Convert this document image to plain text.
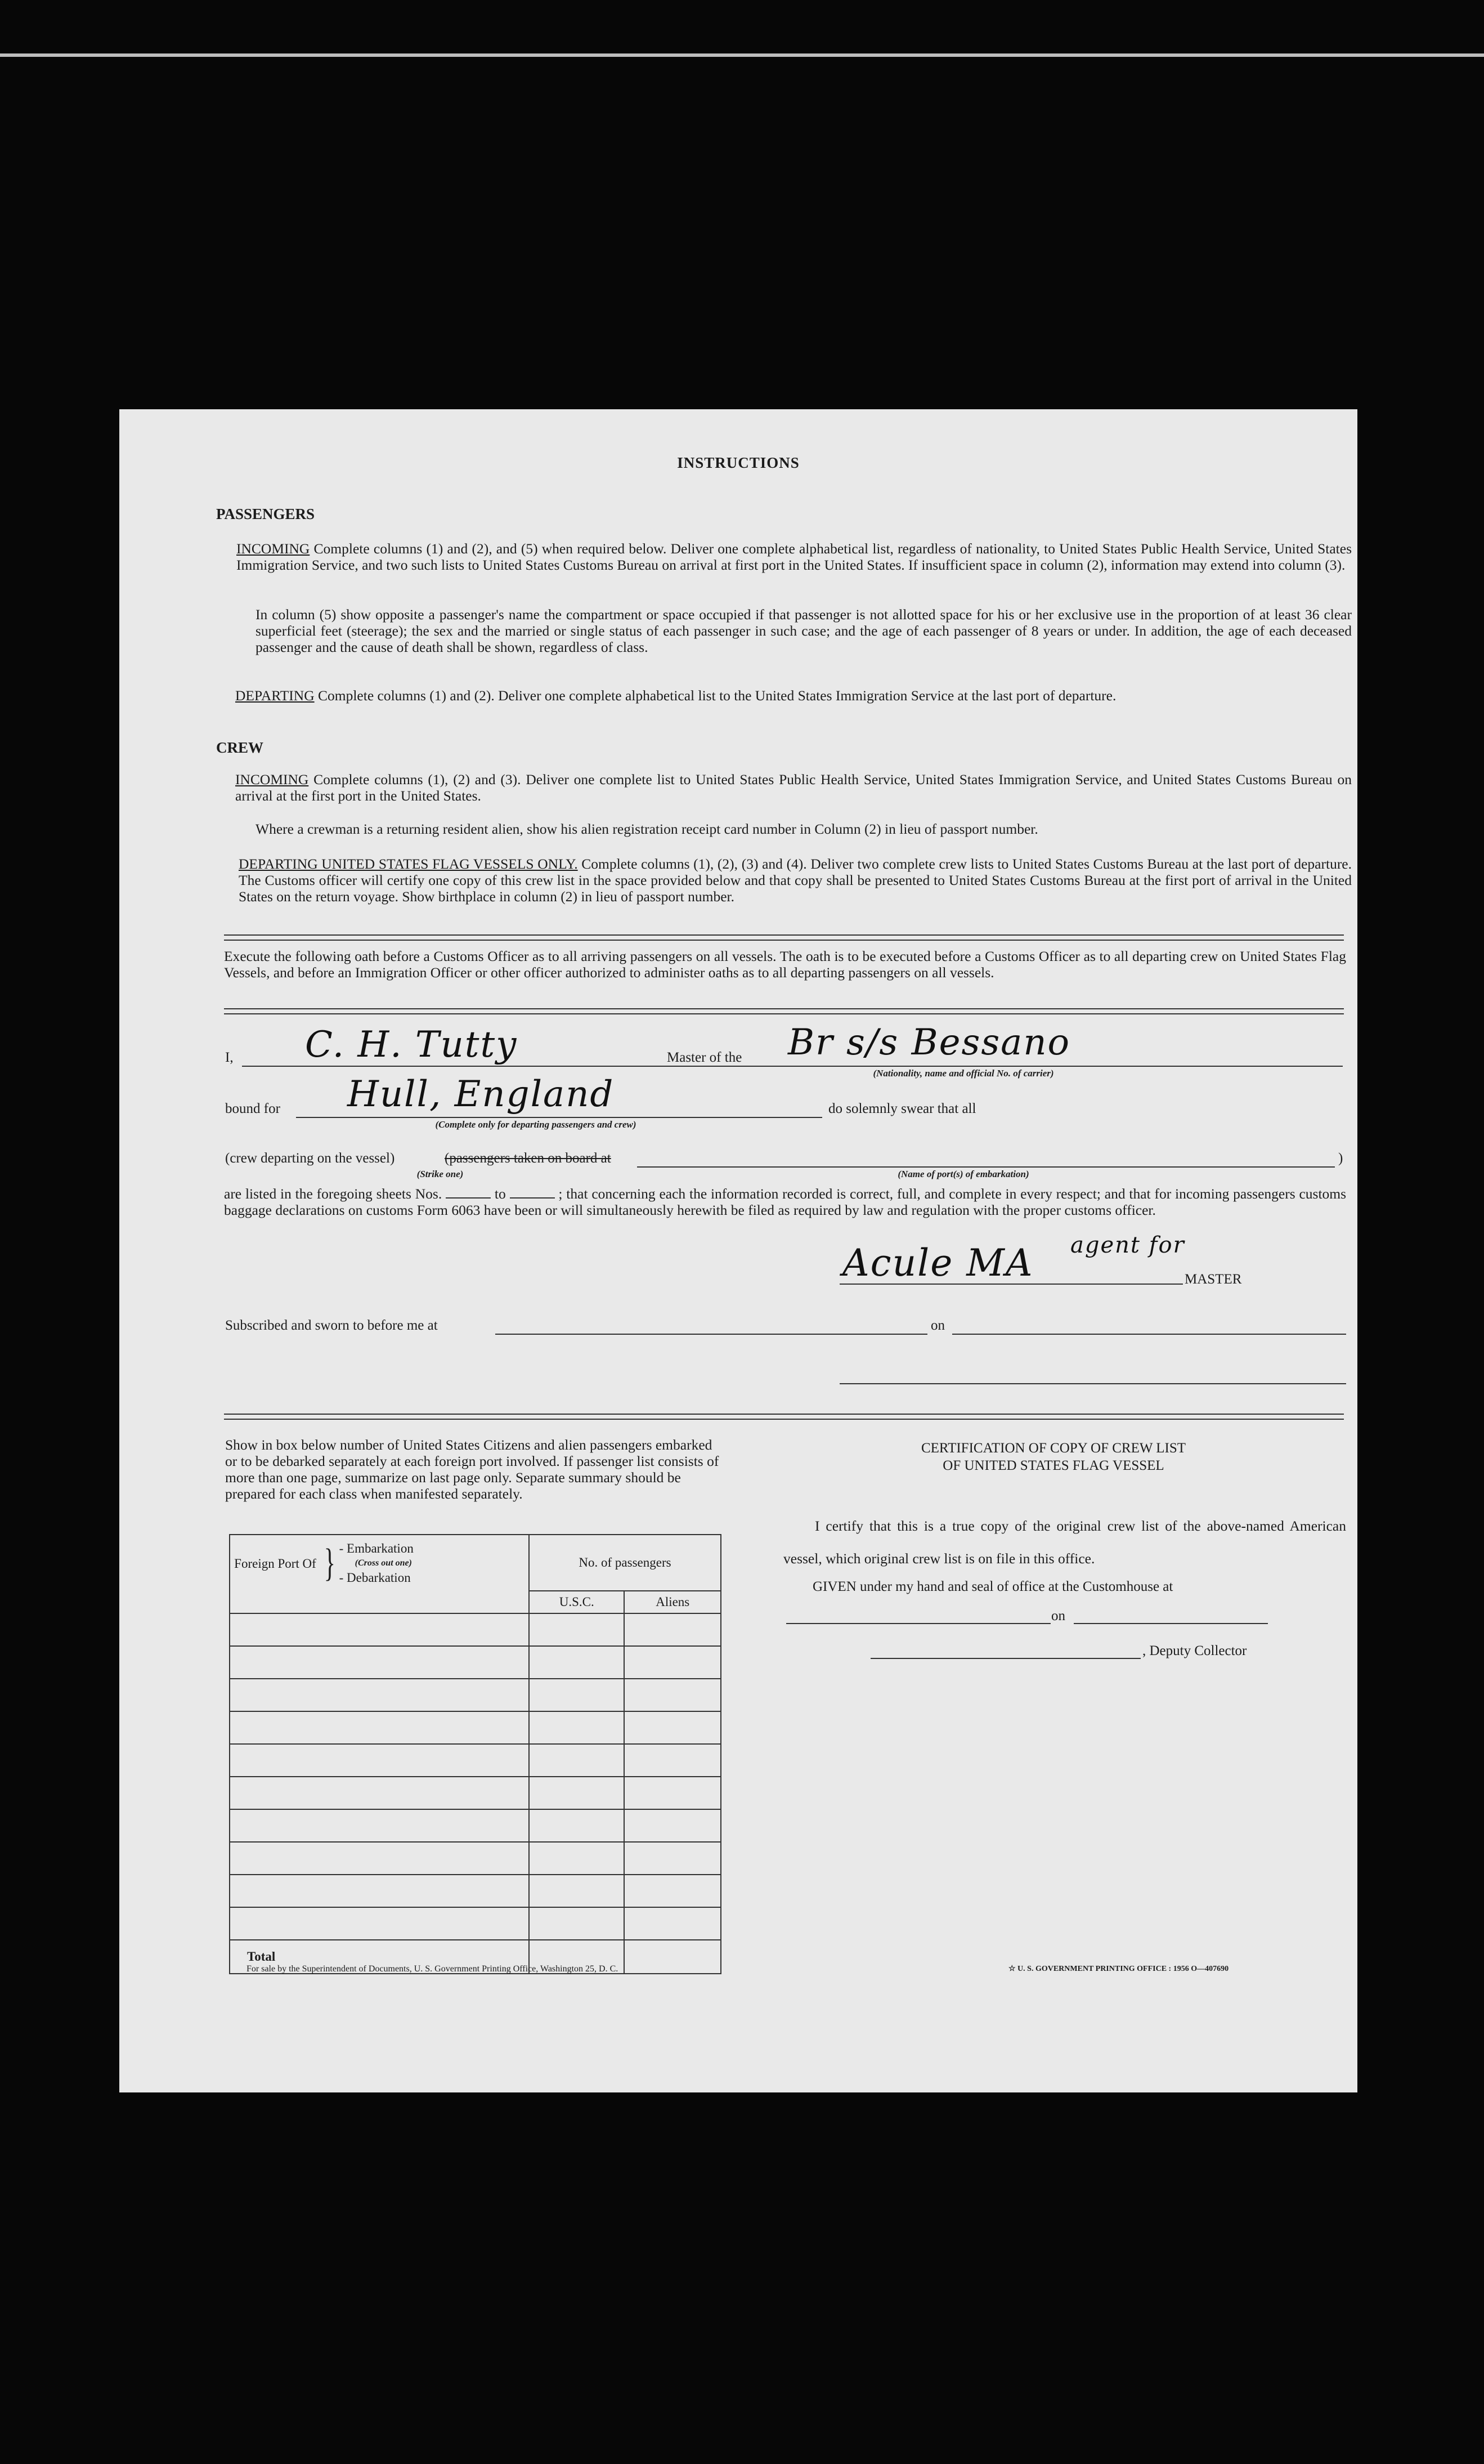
INSTRUCTIONS
PASSENGERS
INCOMING Complete columns (1) and (2), and (5) when required below. Deliver one complete alphabetical list, regardless of nationality, to United States Public Health Service, United States Immigration Service, and two such lists to United States Customs Bureau on arrival at first port in the United States. If insufficient space in column (2), information may extend into column (3).
In column (5) show opposite a passenger's name the compartment or space occupied if that passenger is not allotted space for his or her exclusive use in the proportion of at least 36 clear superficial feet (steerage); the sex and the married or single status of each passenger in such case; and the age of each passenger of 8 years or under. In addition, the age of each deceased passenger and the cause of death shall be shown, regardless of class.
DEPARTING Complete columns (1) and (2). Deliver one complete alphabetical list to the United States Immigration Service at the last port of departure.
CREW
INCOMING Complete columns (1), (2) and (3). Deliver one complete list to United States Public Health Service, United States Immigration Service, and United States Customs Bureau on arrival at the first port in the United States.
Where a crewman is a returning resident alien, show his alien registration receipt card number in Column (2) in lieu of passport number.
DEPARTING UNITED STATES FLAG VESSELS ONLY. Complete columns (1), (2), (3) and (4). Deliver two complete crew lists to United States Customs Bureau at the last port of departure. The Customs officer will certify one copy of this crew list in the space provided below and that copy shall be presented to United States Customs Bureau at the first port of arrival in the United States on the return voyage. Show birthplace in column (2) in lieu of passport number.
Execute the following oath before a Customs Officer as to all arriving passengers on all vessels. The oath is to be executed before a Customs Officer as to all departing crew on United States Flag Vessels, and before an Immigration Officer or other officer authorized to administer oaths as to all departing passengers on all vessels.
I, C. H. Tutty	Master of the Br s/s Bessano
(Nationality, name and official No. of carrier)
bound for Hull, England
(Complete only for departing passengers and crew)
do solemnly swear that all
(crew departing on the vessel)	(passengers taken on board at	)
(Strike one)	(Name of port(s) of embarkation)
are listed in the foregoing sheets Nos.	to	; that concerning each the information recorded is correct, full, and complete in every respect; and that for incoming passengers customs baggage declarations on customs Form 6063 have been or will simultaneously herewith be filed as required by law and regulation with the proper customs officer.
Acule MA agent for
MASTER
Subscribed and sworn to before me at	on
Show in box below number of United States Citizens and alien passengers embarked or to be debarked separately at each foreign port involved. If passenger list consists of more than one page, summarize on last page only. Separate summary should be prepared for each class when manifested separately.
Foreign Port Of } - Embarkation
(Cross out one)
- Debarkation	No. of passengers	
	U.S.C.	Aliens

Total		
CERTIFICATION OF COPY OF CREW LIST
OF UNITED STATES FLAG VESSEL
I certify that this is a true copy of the original crew list of the above-named American vessel, which original crew list is on file in this office.
GIVEN under my hand and seal of office at the Customhouse at
on
, Deputy Collector
For sale by the Superintendent of Documents, U. S. Government Printing Office, Washington 25, D. C.	☆ U. S. GOVERNMENT PRINTING OFFICE : 1956 O—407690
